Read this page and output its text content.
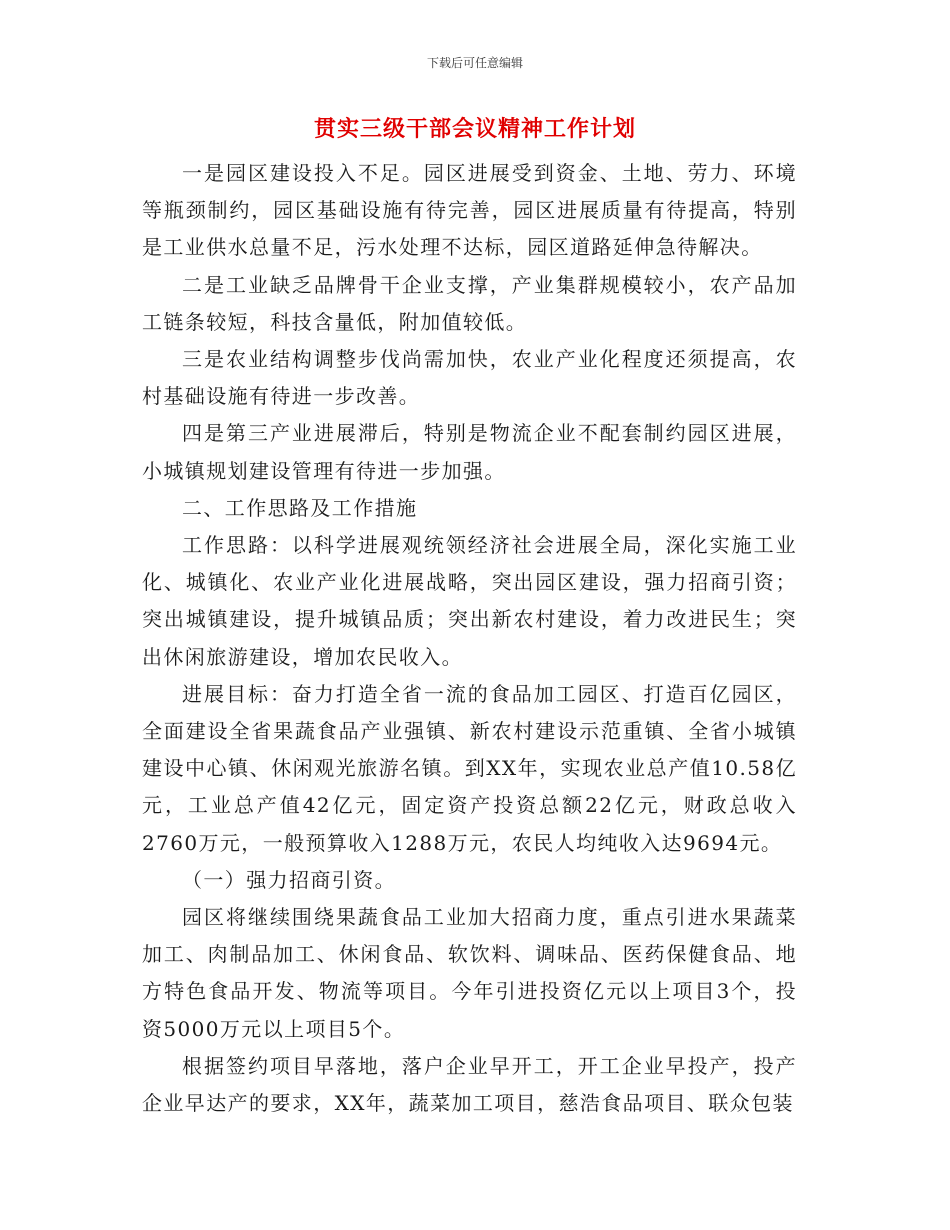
下载后可任意编辑
贯实三级干部会议精神工作计划

一是园区建设投入不足。园区进展受到资金、土地、劳力、环境等瓶颈制约，园区基础设施有待完善，园区进展质量有待提高，特别是工业供水总量不足，污水处理不达标，园区道路延伸急待解决。

二是工业缺乏品牌骨干企业支撑，产业集群规模较小，农产品加工链条较短，科技含量低，附加值较低。

三是农业结构调整步伐尚需加快，农业产业化程度还须提高，农村基础设施有待进一步改善。

四是第三产业进展滞后，特别是物流企业不配套制约园区进展，小城镇规划建设管理有待进一步加强。

二、工作思路及工作措施

工作思路：以科学进展观统领经济社会进展全局，深化实施工业化、城镇化、农业产业化进展战略，突出园区建设，强力招商引资；突出城镇建设，提升城镇品质；突出新农村建设，着力改进民生；突出休闲旅游建设，增加农民收入。

进展目标：奋力打造全省一流的食品加工园区、打造百亿园区，全面建设全省果蔬食品产业强镇、新农村建设示范重镇、全省小城镇建设中心镇、休闲观光旅游名镇。到XX年，实现农业总产值10.58亿元，工业总产值42亿元，固定资产投资总额22亿元，财政总收入2760万元，一般预算收入1288万元，农民人均纯收入达9694元。

（一）强力招商引资。

园区将继续围绕果蔬食品工业加大招商力度，重点引进水果蔬菜加工、肉制品加工、休闲食品、软饮料、调味品、医药保健食品、地方特色食品开发、物流等项目。今年引进投资亿元以上项目3个，投资5000万元以上项目5个。

根据签约项目早落地，落户企业早开工，开工企业早投产，投产企业早达产的要求，XX年，蔬菜加工项目，慈浩食品项目、联众包装
